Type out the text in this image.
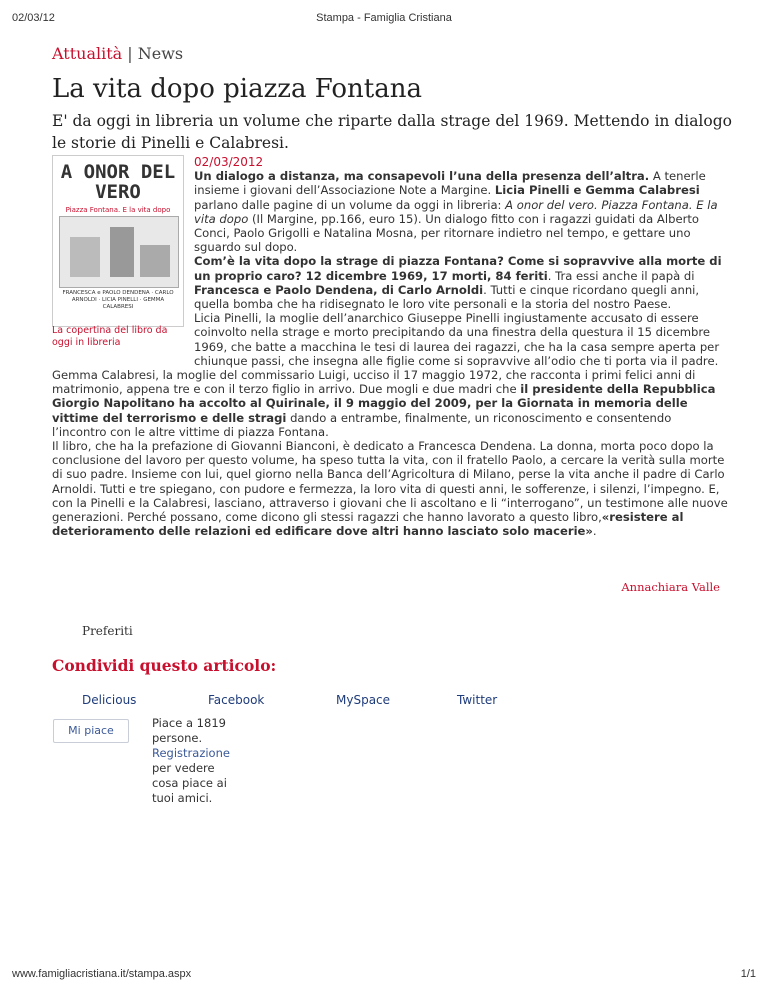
02/03/12	Stampa - Famiglia Cristiana
Attualità | News
La vita dopo piazza Fontana

E' da oggi in libreria un volume che riparte dalla strage del 1969. Mettendo in dialogo le storie di Pinelli e Calabresi.

A ONOR DEL VERO
Piazza Fontana. E la vita dopo
FRANCESCA e PAOLO DENDENA · CARLO ARNOLDI · LICIA PINELLI · GEMMA CALABRESI
La copertina del libro da oggi in libreria
02/03/2012

Un dialogo a distanza, ma consapevoli l’una della presenza dell’altra. A tenerle insieme i giovani dell’Associazione Note a Margine. Licia Pinelli e Gemma Calabresi parlano dalle pagine di un volume da oggi in libreria: A onor del vero. Piazza Fontana. E la vita dopo (Il Margine, pp.166, euro 15). Un dialogo fitto con i ragazzi guidati da Alberto Conci, Paolo Grigolli e Natalina Mosna, per ritornare indietro nel tempo, e gettare uno sguardo sul dopo.

Com’è la vita dopo la strage di piazza Fontana? Come si sopravvive alla morte di un proprio caro? 12 dicembre 1969, 17 morti, 84 feriti. Tra essi anche il papà di Francesca e Paolo Dendena, di Carlo Arnoldi. Tutti e cinque ricordano quegli anni, quella bomba che ha ridisegnato le loro vite personali e la storia del nostro Paese.

Licia Pinelli, la moglie dell’anarchico Giuseppe Pinelli ingiustamente accusato di essere coinvolto nella strage e morto precipitando da una finestra della questura il 15 dicembre 1969, che batte a macchina le tesi di laurea dei ragazzi, che ha la casa sempre aperta per chiunque passi, che insegna alle figlie come si sopravvive all’odio che ti porta via il padre. Gemma Calabresi, la moglie del commissario Luigi, ucciso il 17 maggio 1972, che racconta i primi felici anni di matrimonio, appena tre e con il terzo figlio in arrivo. Due mogli e due madri che il presidente della Repubblica Giorgio Napolitano ha accolto al Quirinale, il 9 maggio del 2009, per la Giornata in memoria delle vittime del terrorismo e delle stragi dando a entrambe, finalmente, un riconoscimento e consentendo l’incontro con le altre vittime di piazza Fontana.

Il libro, che ha la prefazione di Giovanni Bianconi, è dedicato a Francesca Dendena. La donna, morta poco dopo la conclusione del lavoro per questo volume, ha speso tutta la vita, con il fratello Paolo, a cercare la verità sulla morte di suo padre. Insieme con lui, quel giorno nella Banca dell’Agricoltura di Milano, perse la vita anche il padre di Carlo Arnoldi. Tutti e tre spiegano, con pudore e fermezza, la loro vita di questi anni, le sofferenze, i silenzi, l’impegno. E, con la Pinelli e la Calabresi, lasciano, attraverso i giovani che li ascoltano e li “interrogano”, un testimone alle nuove generazioni. Perché possano, come dicono gli stessi ragazzi che hanno lavorato a questo libro,«resistere al deterioramento delle relazioni ed edificare dove altri hanno lasciato solo macerie».

Annachiara Valle
Preferiti
Condividi questo articolo:
Delicious	Facebook	MySpace	Twitter
Mi piace
Piace a 1819 persone. Registrazione per vedere cosa piace ai tuoi amici.
www.famigliacristiana.it/stampa.aspx	1/1
